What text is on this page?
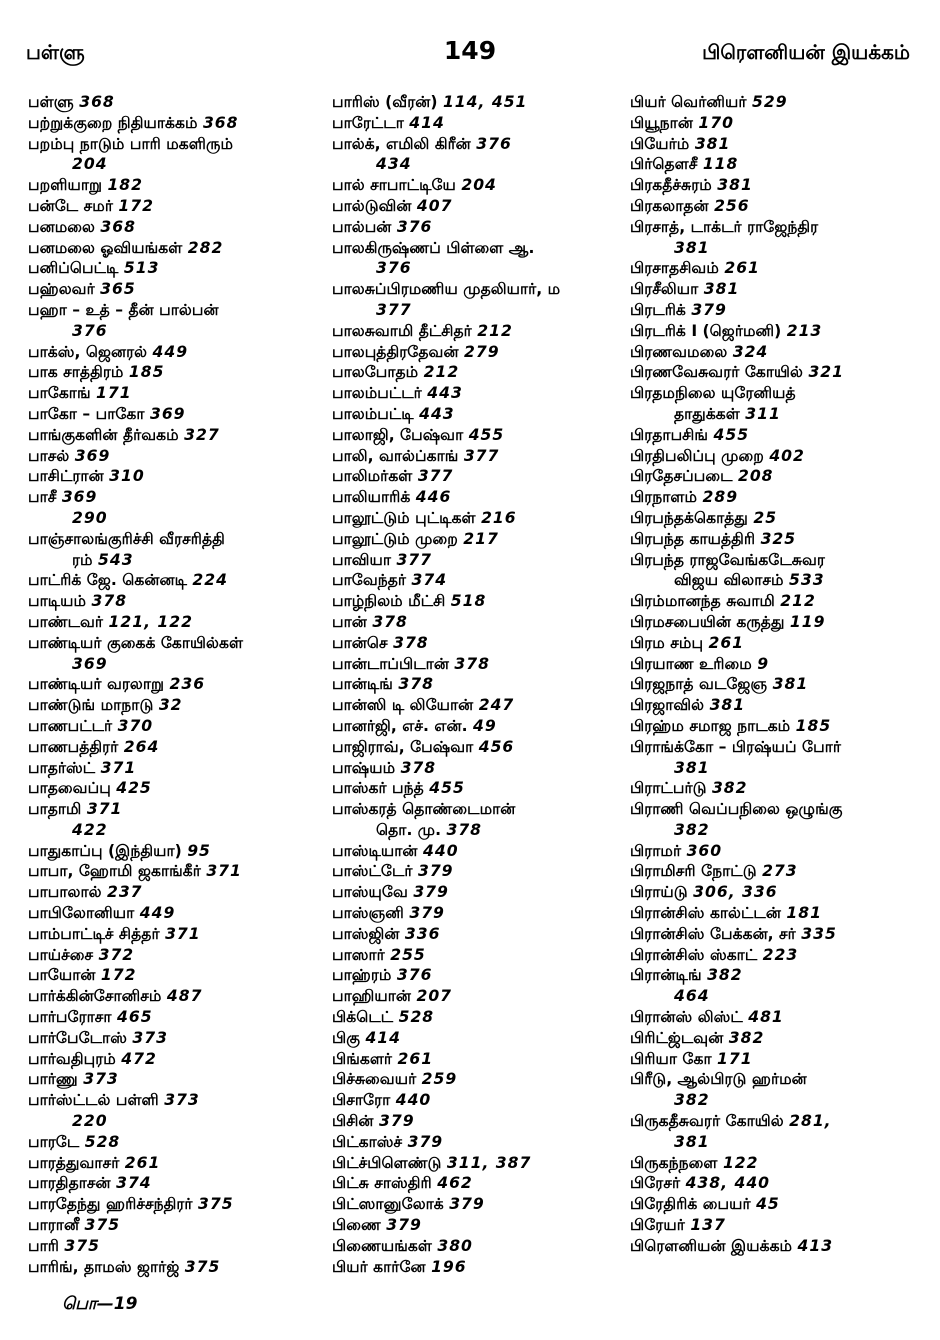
பள்ளு	149	பிரௌனியன் இயக்கம்
பள்ளு 368
பற்றுக்குறை நிதியாக்கம் 368
பறம்பு நாடும் பாரி மகளிரும்
204
பறளியாறு 182
பன்டே சமர் 172
பனமலை 368
பனமலை ஓவியங்கள் 282
பனிப்பெட்டி 513
பஹ்லவர் 365
பஹா – உத் – தீன் பால்பன்
376
பாக்ஸ், ஜெனரல் 449
பாக சாத்திரம் 185
பாகோங் 171
பாகோ – பாகோ 369
பாங்குகளின் தீர்வகம் 327
பாசல் 369
பாசிட்ரான் 310
பாசீ 369
290
பாஞ்சாலங்குரிச்சி வீரசரித்தி
ரம் 543
பாட்ரிக் ஜே. கென்னடி 224
பாடியம் 378
பாண்டவர் 121, 122
பாண்டியர் குகைக் கோயில்கள்
369
பாண்டியர் வரலாறு 236
பாண்டுங் மாநாடு 32
பாணபட்டர் 370
பாணபத்திரர் 264
பாதர்ஸ்ட் 371
பாதவைப்பு 425
பாதாமி 371
422
பாதுகாப்பு (இந்தியா) 95
பாபா, ஹோமி ஜகாங்கீர் 371
பாபாலால் 237
பாபிலோனியா 449
பாம்பாட்டிச் சித்தர் 371
பாய்ச்சை 372
பாயோன் 172
பார்க்கின்சோனிசம் 487
பார்பரோசா 465
பார்பேடோஸ் 373
பார்வதிபுரம் 472
பார்ணு 373
பார்ஸ்ட்டல் பள்ளி 373
220
பாரடே 528
பாரத்துவாசர் 261
பாரதிதாசன் 374
பாரதேந்து ஹரிச்சந்திரர் 375
பாரானீ 375
பாரி 375
பாரிங், தாமஸ் ஜார்ஜ் 375
பாரிஸ் (வீரன்) 114, 451
பாரேட்டா 414
பால்க், எமிலி கிரீன் 376
434
பால் சாபாட்டியே 204
பால்டுவின் 407
பால்பன் 376
பாலகிருஷ்ணப் பிள்ளை ஆ.
376
பாலசுப்பிரமணிய முதலியார், ம
377
பாலசுவாமி தீட்சிதர் 212
பாலபுத்திரதேவன் 279
பாலபோதம் 212
பாலம்பட்டர் 443
பாலம்பட்டி 443
பாலாஜி, பேஷ்வா 455
பாலி, வால்ப்காங் 377
பாலிமர்கள் 377
பாலியாரிக் 446
பாலூட்டும் புட்டிகள் 216
பாலூட்டும் முறை 217
பாவியா 377
பாவேந்தர் 374
பாழ்நிலம் மீட்சி 518
பான் 378
பான்செ 378
பான்டாப்பிடான் 378
பான்டிங் 378
பான்ஸி டி லியோன் 247
பானர்ஜி, எச். என். 49
பாஜிராவ், பேஷ்வா 456
பாஷ்யம் 378
பாஸ்கர் பந்த் 455
பாஸ்கரத் தொண்டைமான்
தொ. மு. 378
பாஸ்டியான் 440
பாஸ்ட்டேர் 379
பாஸ்யுவே 379
பாஸ்ஞனி 379
பாஸ்ஜின் 336
பாஸார் 255
பாஹ்ரம் 376
பாஹியான் 207
பிக்டெட் 528
பிகு 414
பிங்களர் 261
பிச்சுவையர் 259
பிசாரோ 440
பிசின் 379
பிட்காஸ்ச் 379
பிட்ச்பிளெண்டு 311, 387
பிட்சு சாஸ்திரி 462
பிட்ஸானுலோக் 379
பிணை 379
பிணையங்கள் 380
பியர் கார்னே 196
பியர் வெர்னியர் 529
பியூநான் 170
பியேர்ம் 381
பிர்தௌசீ 118
பிரகதீச்சுரம் 381
பிரகலாதன் 256
பிரசாத், டாக்டர் ராஜேந்திர
381
பிரசாதசிவம் 261
பிரசீலியா 381
பிரடரிக் 379
பிரடரிக் I (ஜெர்மனி) 213
பிரணவமலை 324
பிரணவேசுவரர் கோயில் 321
பிரதமநிலை யுரேனியத்
தாதுக்கள் 311
பிரதாபசிங் 455
பிரதிபலிப்பு முறை 402
பிரதேசப்படை 208
பிரநாளம் 289
பிரபந்தக்கொத்து 25
பிரபந்த காயத்திரி 325
பிரபந்த ராஜவேங்கடேசுவர
விஜய விலாசம் 533
பிரம்மானந்த சுவாமி 212
பிரமசபையின் கருத்து 119
பிரம சம்பு 261
பிரயாண உரிமை 9
பிரஜநாத் வடஜேஞ 381
பிரஜாவில் 381
பிரஹ்ம சமாஜ நாடகம் 185
பிராங்க்கோ – பிரஷ்யப் போர்
381
பிராட்பர்டு 382
பிராணி வெப்பநிலை ஒழுங்கு
382
பிராமர் 360
பிராமிசரி நோட்டு 273
பிராய்டு 306, 336
பிரான்சிஸ் கால்ட்டன் 181
பிரான்சிஸ் பேக்கன், சர் 335
பிரான்சிஸ் ஸ்காட் 223
பிரான்டிங் 382
464
பிரான்ஸ் லிஸ்ட் 481
பிரிட்ஜ்டவுன் 382
பிரியா கோ 171
பிரீடு, ஆல்பிரடு ஹர்மன்
382
பிருகதீசுவரர் கோயில் 281,
381
பிருகந்நளை 122
பிரேசர் 438, 440
பிரேதிரிக் பையர் 45
பிரேயர் 137
பிரௌனியன் இயக்கம் 413
பொ—19
